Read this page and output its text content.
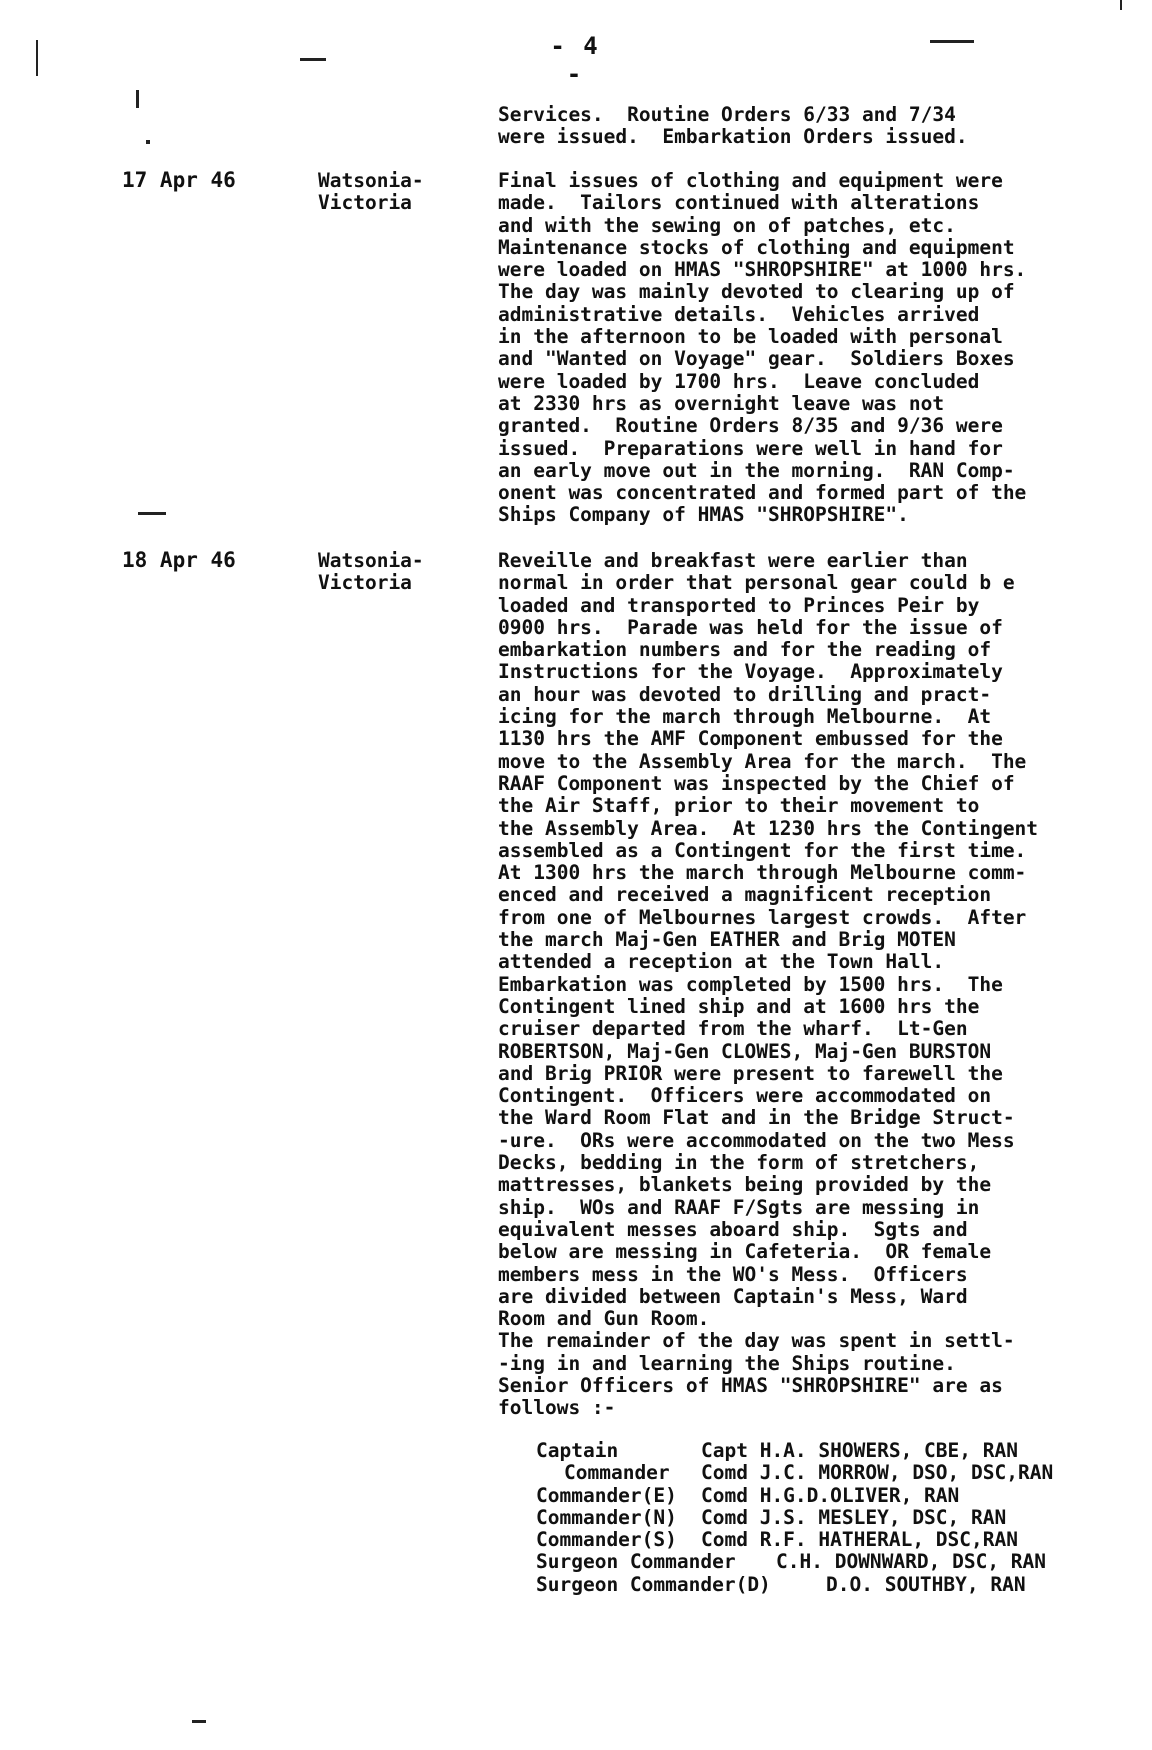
- 4 -
Services.  Routine Orders 6/33 and 7/34
were issued.  Embarkation Orders issued.
17 Apr 46	Watsonia-
Victoria
Final issues of clothing and equipment were
made.  Tailors continued with alterations
and with the sewing on of patches, etc.
Maintenance stocks of clothing and equipment
were loaded on HMAS "SHROPSHIRE" at 1000 hrs.
The day was mainly devoted to clearing up of
administrative details.  Vehicles arrived
in the afternoon to be loaded with personal
and "Wanted on Voyage" gear.  Soldiers Boxes
were loaded by 1700 hrs.  Leave concluded
at 2330 hrs as overnight leave was not
granted.  Routine Orders 8/35 and 9/36 were
issued.  Preparations were well in hand for
an early move out in the morning.  RAN Comp-
onent was concentrated and formed part of the
Ships Company of HMAS "SHROPSHIRE".
18 Apr 46	Watsonia-
Victoria
Reveille and breakfast were earlier than
normal in order that personal gear could b e
loaded and transported to Princes Peir by
0900 hrs.  Parade was held for the issue of
embarkation numbers and for the reading of
Instructions for the Voyage.  Approximately
an hour was devoted to drilling and pract-
icing for the march through Melbourne.  At
1130 hrs the AMF Component embussed for the
move to the Assembly Area for the march.  The
RAAF Component was inspected by the Chief of
the Air Staff, prior to their movement to
the Assembly Area.  At 1230 hrs the Contingent
assembled as a Contingent for the first time.
At 1300 hrs the march through Melbourne comm-
enced and received a magnificent reception
from one of Melbournes largest crowds.  After
the march Maj-Gen EATHER and Brig MOTEN
attended a reception at the Town Hall.
Embarkation was completed by 1500 hrs.  The
Contingent lined ship and at 1600 hrs the
cruiser departed from the wharf.  Lt-Gen
ROBERTSON, Maj-Gen CLOWES, Maj-Gen BURSTON
and Brig PRIOR were present to farewell the
Contingent.  Officers were accommodated on
the Ward Room Flat and in the Bridge Struct-
-ure.  ORs were accommodated on the two Mess
Decks, bedding in the form of stretchers,
mattresses, blankets being provided by the
ship.  WOs and RAAF F/Sgts are messing in
equivalent messes aboard ship.  Sgts and
below are messing in Cafeteria.  OR female
members mess in the WO's Mess.  Officers
are divided between Captain's Mess, Ward
Room and Gun Room.
The remainder of the day was spent in settl-
-ing in and learning the Ships routine.
Senior Officers of HMAS "SHROPSHIRE" are as
follows :-
Captain	Capt H.A. SHOWERS, CBE, RAN
Commander	Comd J.C. MORROW, DSO, DSC,RAN
Commander(E)	Comd H.G.D.OLIVER, RAN
Commander(N)	Comd J.S. MESLEY, DSC, RAN
Commander(S)	Comd R.F. HATHERAL, DSC,RAN
Surgeon Commander	C.H. DOWNWARD, DSC, RAN
Surgeon Commander(D)	D.O. SOUTHBY, RAN
